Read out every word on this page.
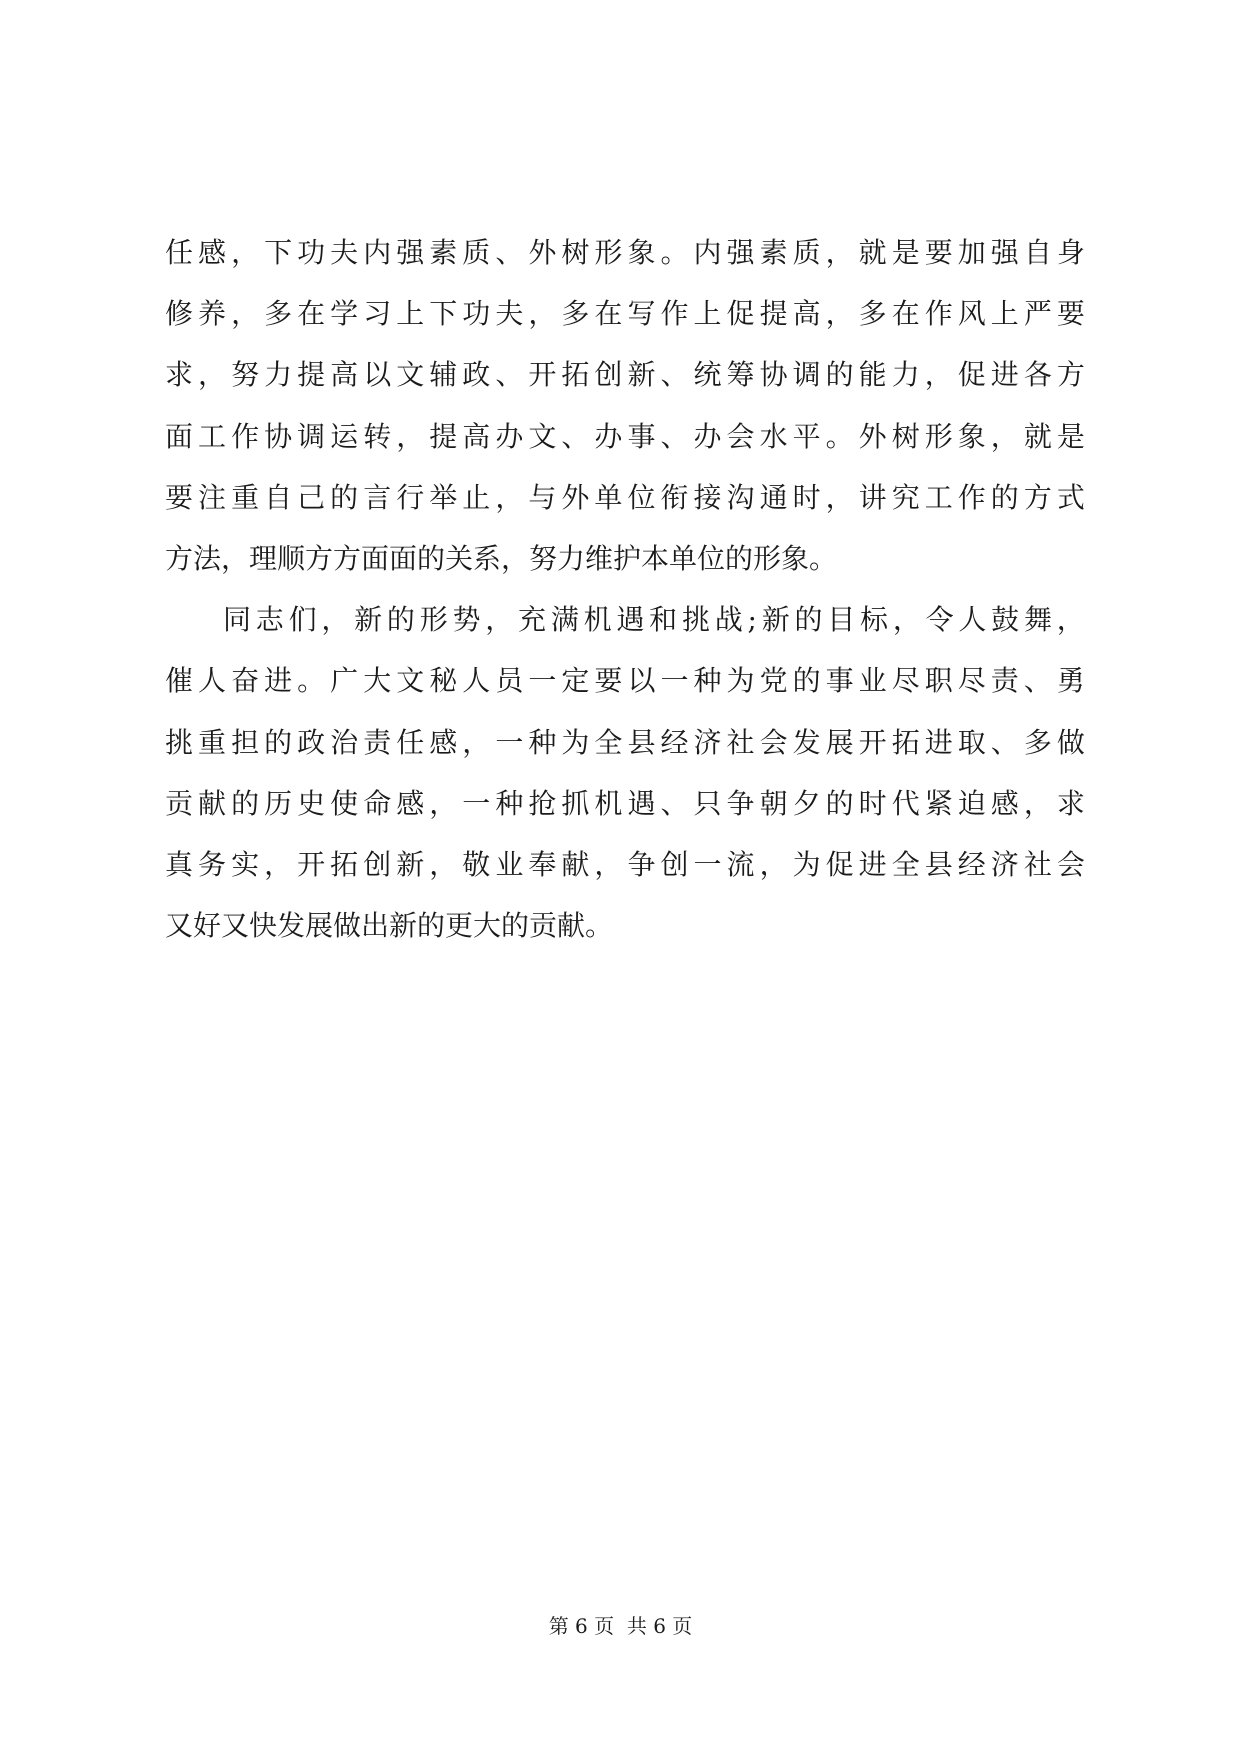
任 感 ， 下 功 夫 内 强 素 质 、 外 树 形 象 。 内 强 素 质 ， 就 是 要 加 强 自 身
修 养 ， 多 在 学 习 上 下 功 夫 ， 多 在 写 作 上 促 提 高 ， 多 在 作 风 上 严 要
求 ， 努 力 提 高 以 文 辅 政 、 开 拓 创 新 、 统 筹 协 调 的 能 力 ， 促 进 各 方
面 工 作 协 调 运 转 ， 提 高 办 文 、 办 事 、 办 会 水 平 。 外 树 形 象 ， 就 是
要 注 重 自 己 的 言 行 举 止 ， 与 外 单 位 衔 接 沟 通 时 ， 讲 究 工 作 的 方 式
方法，理顺方方面面的关系，努力维护本单位的形象。
同 志 们 ， 新 的 形 势 ， 充 满 机 遇 和 挑 战 ; 新 的 目 标 ， 令 人 鼓 舞 ，
催 人 奋 进 。 广 大 文 秘 人 员 一 定 要 以 一 种 为 党 的 事 业 尽 职 尽 责 、 勇
挑 重 担 的 政 治 责 任 感 ， 一 种 为 全 县 经 济 社 会 发 展 开 拓 进 取 、 多 做
贡 献 的 历 史 使 命 感 ， 一 种 抢 抓 机 遇 、 只 争 朝 夕 的 时 代 紧 迫 感 ， 求
真 务 实 ， 开 拓 创 新 ， 敬 业 奉 献 ， 争 创 一 流 ， 为 促 进 全 县 经 济 社 会
又好又快发展做出新的更大的贡献。
第 6 页  共 6 页
